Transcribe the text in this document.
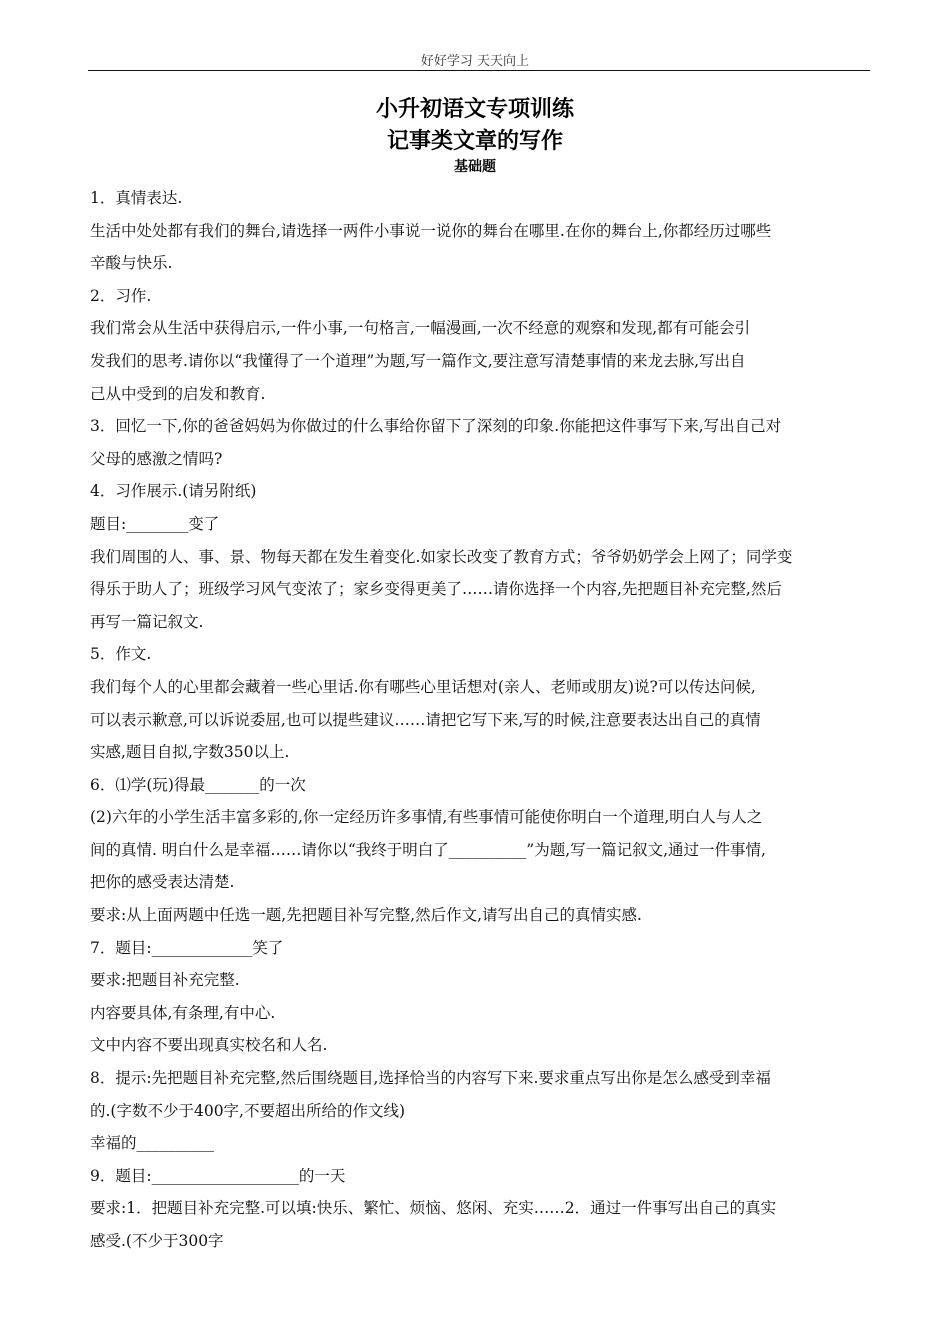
好好学习 天天向上
小升初语文专项训练
记事类文章的写作
基础题
1．真情表达.
生活中处处都有我们的舞台,请选择一两件小事说一说你的舞台在哪里.在你的舞台上,你都经历过哪些
辛酸与快乐.
2．习作.
我们常会从生活中获得启示,一件小事,一句格言,一幅漫画,一次不经意的观察和发现,都有可能会引
发我们的思考.请你以“我懂得了一个道理”为题,写一篇作文,要注意写清楚事情的来龙去脉,写出自
己从中受到的启发和教育.
3．回忆一下,你的爸爸妈妈为你做过的什么事给你留下了深刻的印象.你能把这件事写下来,写出自己对
父母的感激之情吗?
4．习作展示.(请另附纸)
题目:________变了
我们周围的人、事、景、物每天都在发生着变化.如家长改变了教育方式；爷爷奶奶学会上网了；同学变
得乐于助人了；班级学习风气变浓了；家乡变得更美了……请你选择一个内容,先把题目补充完整,然后
再写一篇记叙文.
5．作文.
我们每个人的心里都会藏着一些心里话.你有哪些心里话想对(亲人、老师或朋友)说?可以传达问候,
可以表示歉意,可以诉说委屈,也可以提些建议……请把它写下来,写的时候,注意要表达出自己的真情
实感,题目自拟,字数350以上.
6．⑴学(玩)得最_______的一次
(2)六年的小学生活丰富多彩的,你一定经历许多事情,有些事情可能使你明白一个道理,明白人与人之
间的真情. 明白什么是幸福……请你以“我终于明白了__________”为题,写一篇记叙文,通过一件事情,
把你的感受表达清楚.
要求:从上面两题中任选一题,先把题目补写完整,然后作文,请写出自己的真情实感.
7．题目:_____________笑了
要求:把题目补充完整.
内容要具体,有条理,有中心.
文中内容不要出现真实校名和人名.
8．提示:先把题目补充完整,然后围绕题目,选择恰当的内容写下来.要求重点写出你是怎么感受到幸福
的.(字数不少于400字,不要超出所给的作文线)
幸福的__________
9．题目:___________________的一天
要求:1．把题目补充完整.可以填:快乐、繁忙、烦恼、悠闲、充实……2．通过一件事写出自己的真实
感受.(不少于300字
